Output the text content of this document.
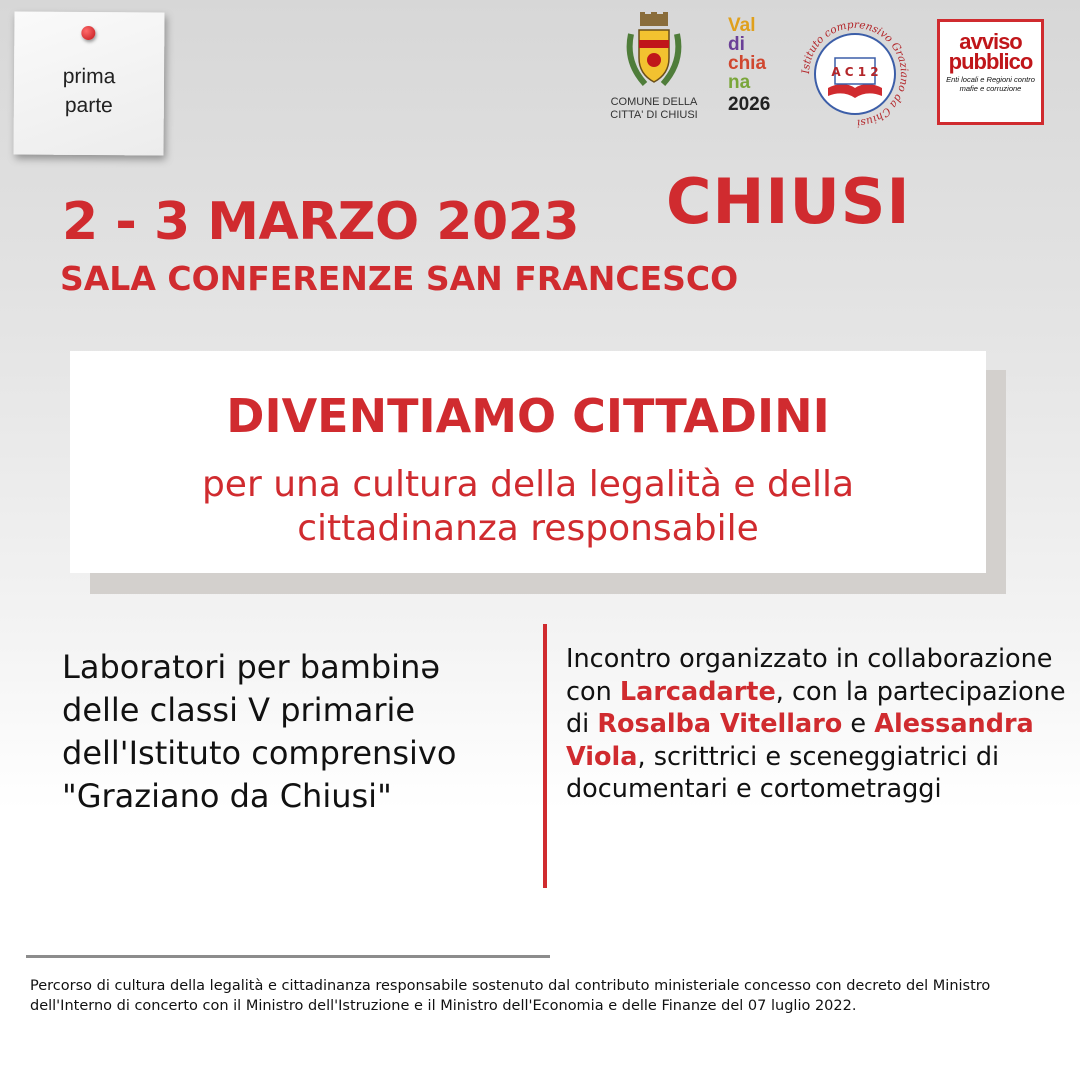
prima
parte	COMUNE DELLA
CITTA' DI CHIUSI
Val
di
chia
na
2026
Istituto comprensivo Graziano da Chiusi
A C 1 2
avviso
pubblico
Enti locali e Regioni contro mafie e corruzione
2 - 3 MARZO 2023 CHIUSI
SALA CONFERENZE SAN FRANCESCO
DIVENTIAMO CITTADINI
per una cultura della legalità e della
cittadinanza responsabile
Laboratori per bambinə
delle classi V primarie
dell'Istituto comprensivo
"Graziano da Chiusi"
Incontro organizzato in collaborazione con Larcadarte, con la partecipazione di Rosalba Vitellaro e Alessandra Viola, scrittrici e sceneggiatrici di documentari e cortometraggi
Percorso di cultura della legalità e cittadinanza responsabile sostenuto dal contributo ministeriale concesso con decreto del Ministro dell'Interno di concerto con il Ministro dell'Istruzione e il Ministro dell'Economia e delle Finanze del 07 luglio 2022.
